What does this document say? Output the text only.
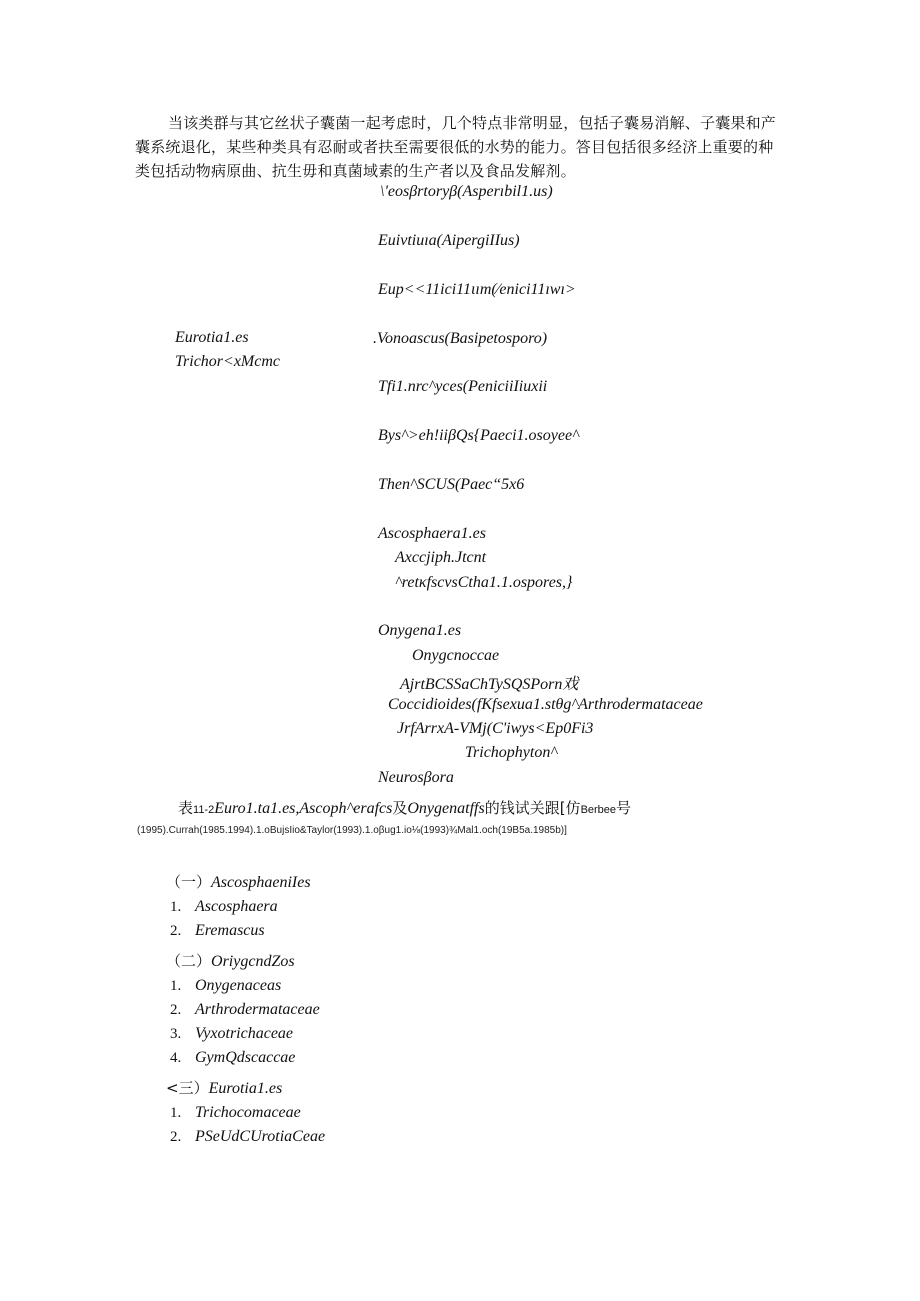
当该类群与其它丝状子囊菌一起考虑时，几个特点非常明显，包括子囊易消解、子囊果和产囊系统退化，某些种类具有忍耐或者扶至需要很低的水势的能力。答目包括很多经济上重要的种类包括动物病原曲、抗生毋和真菌域素的生产者以及食品发解剂。
Eurotia1.es
Trichor<xMcmc
\'eosβrtoryβ(Asperıbil1.us)
Euivtiuıa(AipergiIIus)
Eup<<11ici11ιım(∕enici11ıwı>
.Vonoascus(Basipetosporo)
Tfi1.nrc^yces(PeniciiIiuxii
Bys^>eh!iiβQs{Paeci1.osoyee^
Then^SCUS(Paec“5x6
Ascosphaera1.es
Axccjiph.Jtcnt
^retκfscvsCtha1.1.ospores,}
Onygena1.es
Onygcnoccae
AjrtBCSSaChTySQSPorn戏
Coccidioides(fKfsexua1.stθg^Arthrodermataceae
JrfArrxA-VMj(C'iwys<Ep0Fi3
Trichophyton^
Neurosβora
表11-2Euro1.ta1.es,Ascoph^erafcs及Onygenatffs的钱试关跟[仿Berbee号
(1995).Currah(1985.1994).1.oBujsIio&Taylor(1993).1.oβug1.io⅛(1993)¾Mal1.och(19B5a.1985b)]
（一）AscosphaeniIes
1. Ascosphaera
2. Eremascus
（二）OriygcndZos
1. Onygenaceas
2. Arthrodermataceae
3. Vyxotrichaceae
4. GymQdscaccae
<三）Eurotia1.es
1. Trichocomaceae
2. PSeUdCUrotiaCeae
